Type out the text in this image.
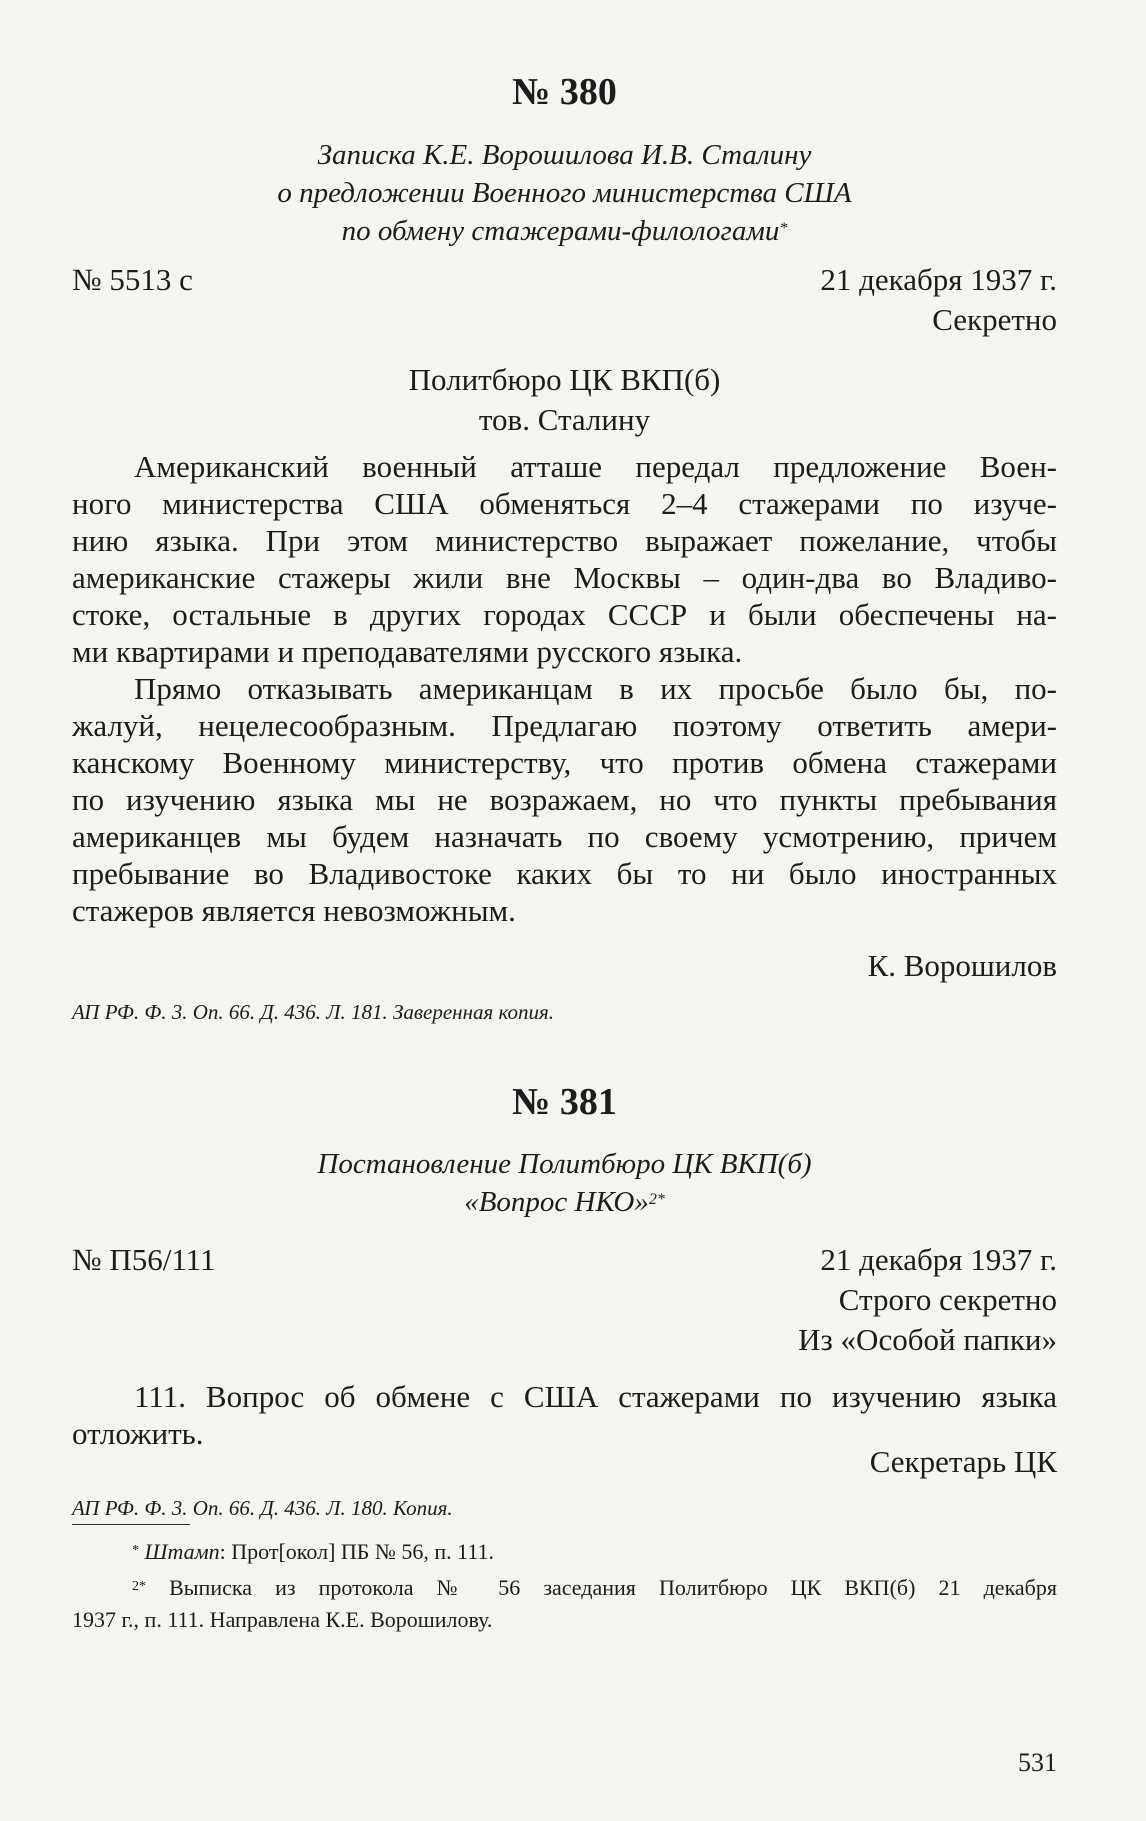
№ 380
Записка К.Е. Ворошилова И.В. Сталину
о предложении Военного министерства США
по обмену стажерами-филологами*
№ 5513 с	21 декабря 1937 г.
Секретно
Политбюро ЦК ВКП(б)
тов. Сталину
Американский военный атташе передал предложение Воен-
ного министерства США обменяться 2–4 стажерами по изуче-
нию языка. При этом министерство выражает пожелание, чтобы
американские стажеры жили вне Москвы – один-два во Владиво-
стоке, остальные в других городах СССР и были обеспечены на-
ми квартирами и преподавателями русского языка.
Прямо отказывать американцам в их просьбе было бы, по-
жалуй, нецелесообразным. Предлагаю поэтому ответить амери-
канскому Военному министерству, что против обмена стажерами
по изучению языка мы не возражаем, но что пункты пребывания
американцев мы будем назначать по своему усмотрению, причем
пребывание во Владивостоке каких бы то ни было иностранных
стажеров является невозможным.
К. Ворошилов
АП РФ. Ф. 3. Оп. 66. Д. 436. Л. 181. Заверенная копия.
№ 381
Постановление Политбюро ЦК ВКП(б)
«Вопрос НКО»$^{2*}$
№ П56/111	21 декабря 1937 г.
Строго секретно
Из «Особой папки»
111. Вопрос об обмене с США стажерами по изучению языка
отложить.
Секретарь ЦК
АП РФ. Ф. 3. Оп. 66. Д. 436. Л. 180. Копия.
* Штамп: Прот[окол] ПБ № 56, п. 111.
$^{2*}$ Выписка из протокола № 56 заседания Политбюро ЦК ВКП(б) 21 декабря
1937 г., п. 111. Направлена К.Е. Ворошилову.
531
